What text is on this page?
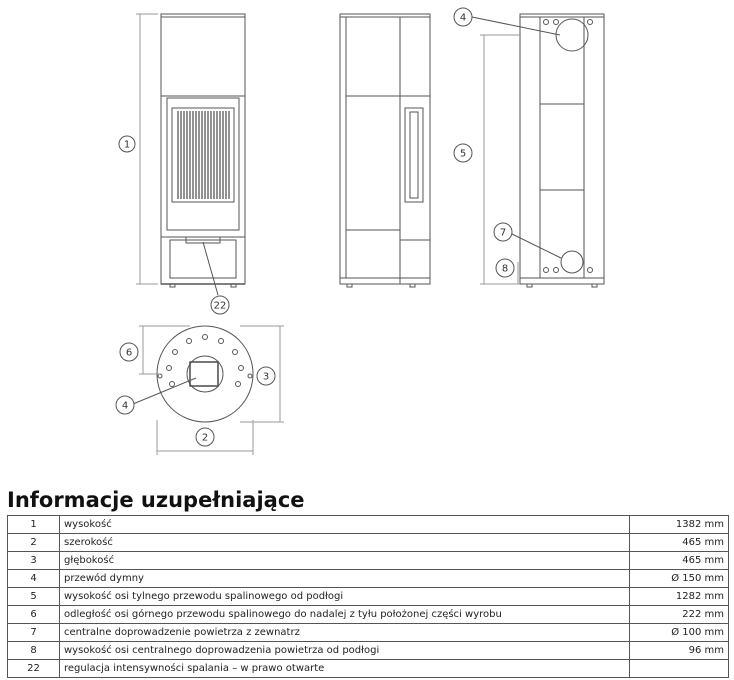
1
22
4
5
7
8
6
4
2
3
Informacje uzupełniające
1	wysokość	1382 mm
2	szerokość	465 mm
3	głębokość	465 mm
4	przewód dymny	Ø 150 mm
5	wysokość osi tylnego przewodu spalinowego od podłogi	1282 mm
6	odległość osi górnego przewodu spalinowego do nadalej z tyłu położonej części wyrobu	222 mm
7	centralne doprowadzenie powietrza z zewnatrz	Ø 100 mm
8	wysokość osi centralnego doprowadzenia powietrza od podłogi	96 mm
22	regulacja intensywności spalania – w prawo otwarte	
